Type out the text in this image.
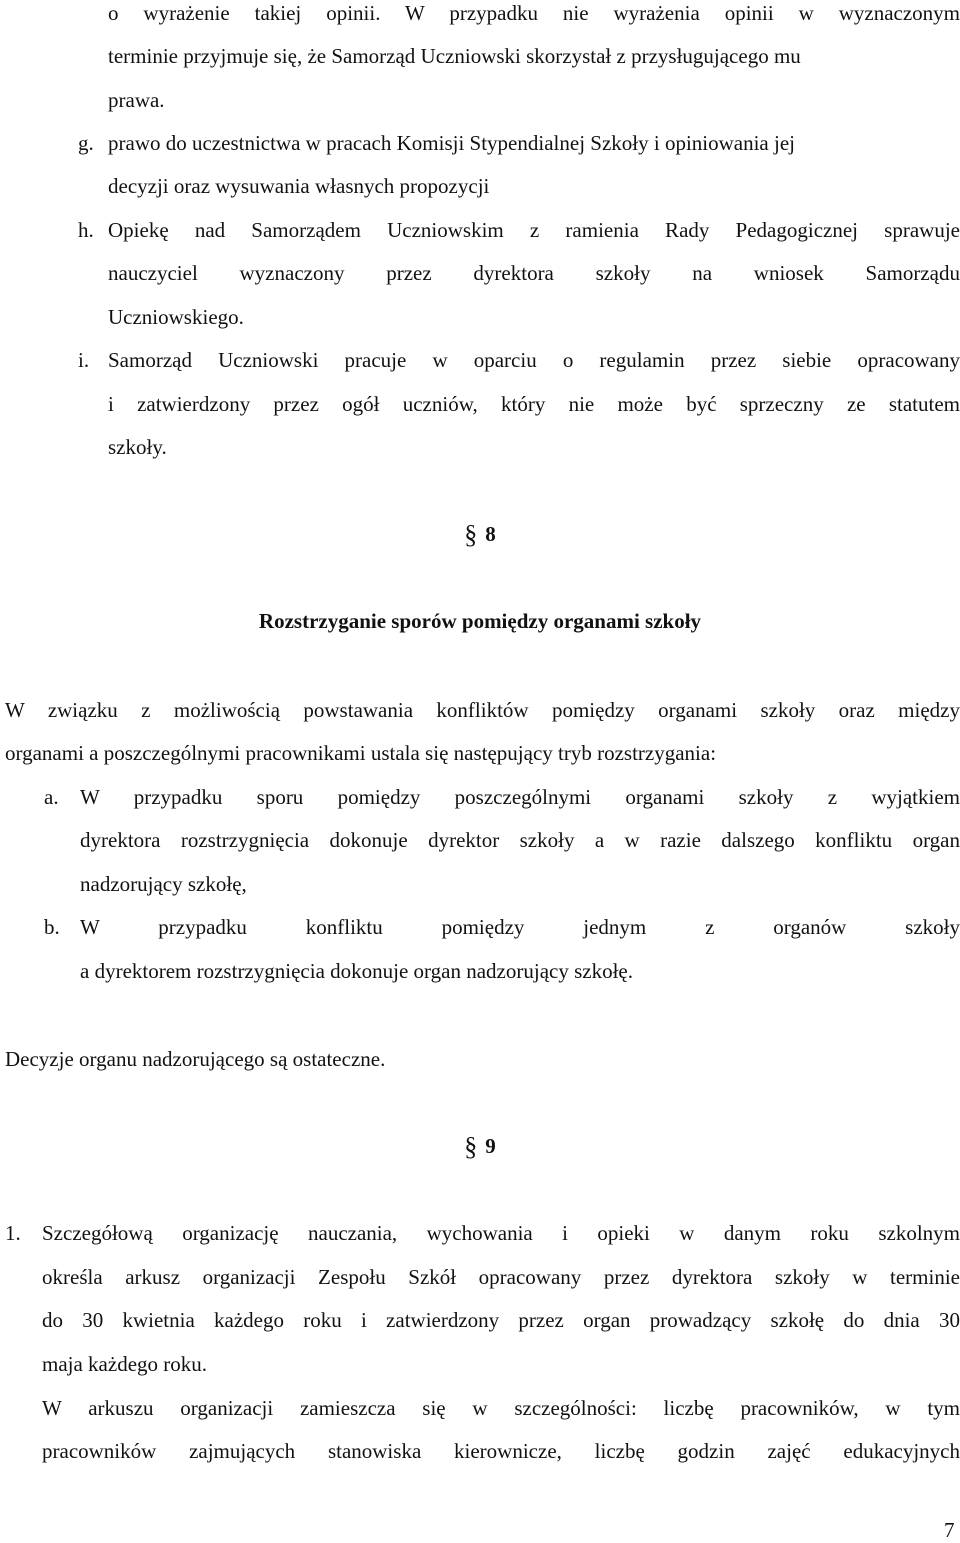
o wyrażenie takiej opinii. W przypadku nie wyrażenia opinii w wyznaczonym
terminie przyjmuje się, że Samorząd Uczniowski skorzystał z przysługującego mu
prawa.
g. prawo do uczestnictwa w pracach Komisji Stypendialnej Szkoły i opiniowania jej
decyzji oraz wysuwania własnych propozycji
h. Opiekę nad Samorządem Uczniowskim z ramienia Rady Pedagogicznej sprawuje
nauczyciel wyznaczony przez dyrektora szkoły na wniosek Samorządu
Uczniowskiego.
i. Samorząd Uczniowski pracuje w oparciu o regulamin przez siebie opracowany
i zatwierdzony przez ogół uczniów, który nie może być sprzeczny ze statutem
szkoły.
§ 8
Rozstrzyganie sporów pomiędzy organami szkoły
W związku z możliwością powstawania konfliktów pomiędzy organami szkoły oraz między
organami a poszczególnymi pracownikami ustala się następujący tryb rozstrzygania:
a. W przypadku sporu pomiędzy poszczególnymi organami szkoły z wyjątkiem
dyrektora rozstrzygnięcia dokonuje dyrektor szkoły a w razie dalszego konfliktu organ
nadzorujący szkołę,
b. W przypadku konfliktu pomiędzy jednym z organów szkoły
a dyrektorem rozstrzygnięcia dokonuje organ nadzorujący szkołę.
Decyzje organu nadzorującego są ostateczne.
§ 9
1. Szczegółową organizację nauczania, wychowania i opieki w danym roku szkolnym
określa arkusz organizacji Zespołu Szkół opracowany przez dyrektora szkoły w terminie
do 30 kwietnia każdego roku i zatwierdzony przez organ prowadzący szkołę do dnia 30
maja każdego roku.
W arkuszu organizacji zamieszcza się w szczególności: liczbę pracowników, w tym
pracowników zajmujących stanowiska kierownicze, liczbę godzin zajęć edukacyjnych
7
